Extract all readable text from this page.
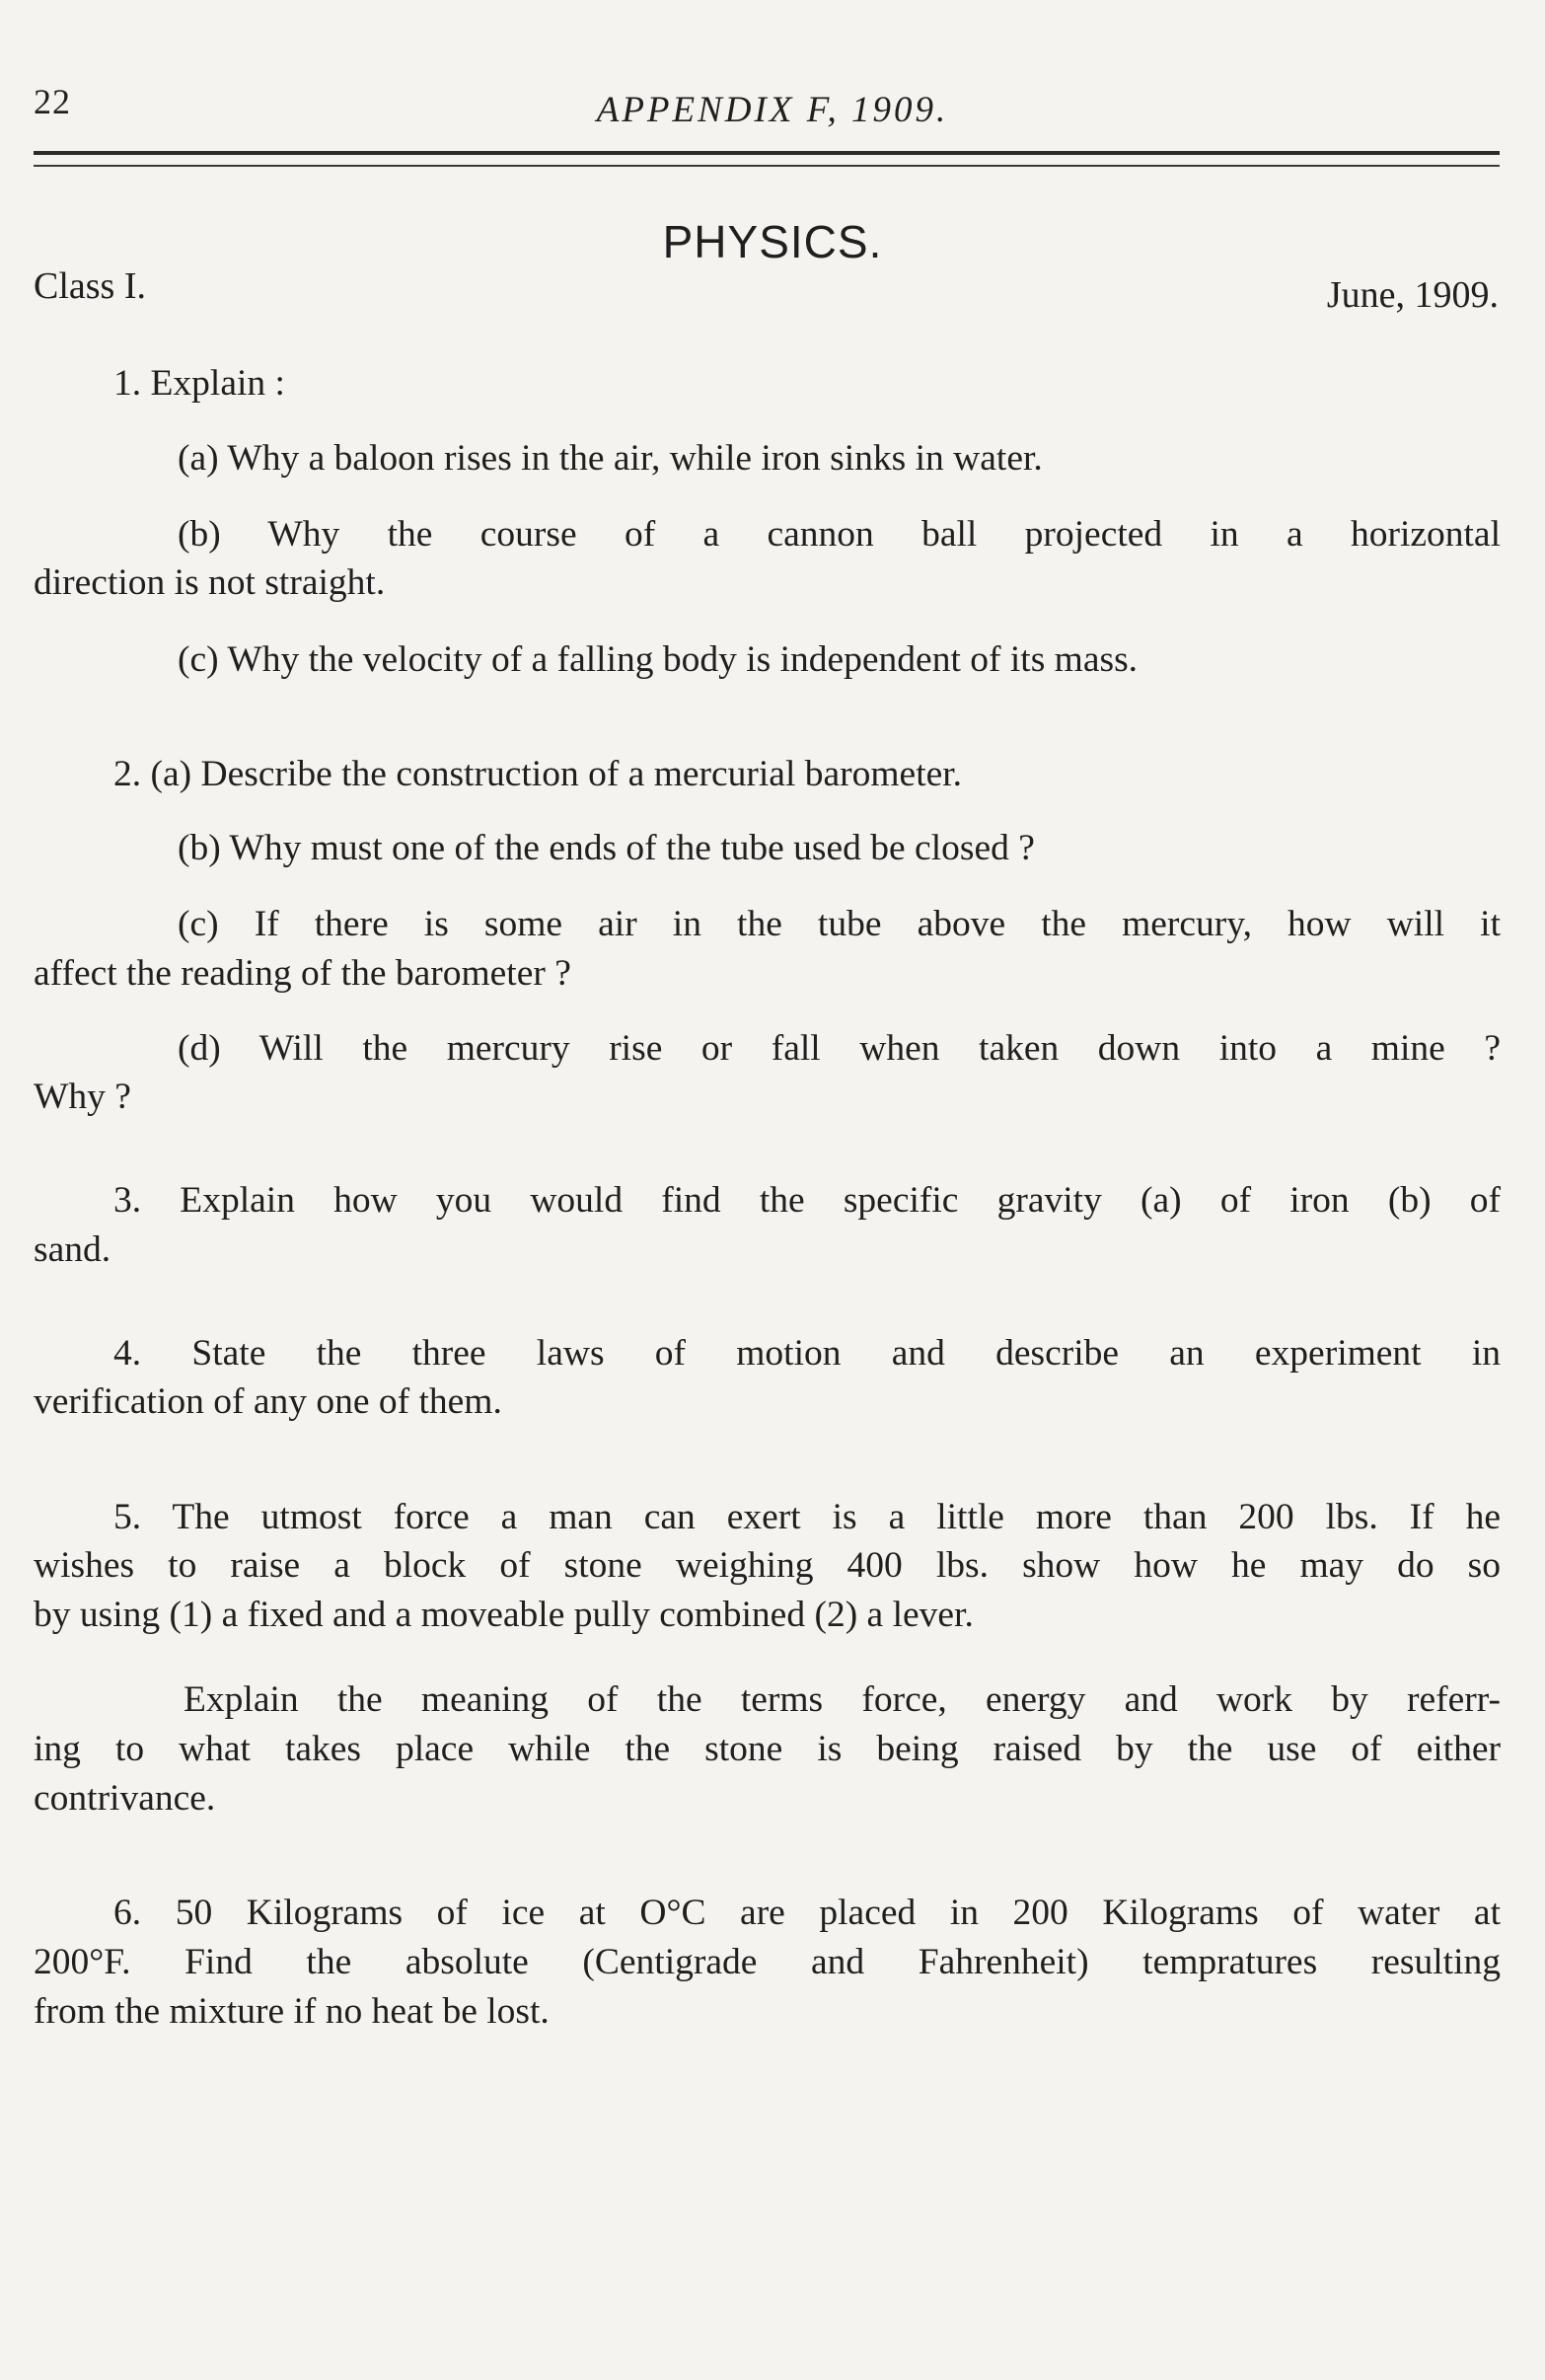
22	APPENDIX F, 1909.
PHYSICS.
Class I.	June, 1909.
1. Explain :
(a) Why a baloon rises in the air, while iron sinks in water.
(b) Why the course of a cannon ball projected in a horizontal
direction is not straight.
(c) Why the velocity of a falling body is independent of its mass.
2. (a) Describe the construction of a mercurial barometer.
(b) Why must one of the ends of the tube used be closed ?
(c) If there is some air in the tube above the mercury, how will it
affect the reading of the barometer ?
(d) Will the mercury rise or fall when taken down into a mine ?
Why ?
3. Explain how you would find the specific gravity (a) of iron (b) of
sand.
4. State the three laws of motion and describe an experiment in
verification of any one of them.
5. The utmost force a man can exert is a little more than 200 lbs. If he
wishes to raise a block of stone weighing 400 lbs. show how he may do so
by using (1) a fixed and a moveable pully combined (2) a lever.
Explain the meaning of the terms force, energy and work by referr-
ing to what takes place while the stone is being raised by the use of either
contrivance.
6. 50 Kilograms of ice at O°C are placed in 200 Kilograms of water at
200°F. Find the absolute (Centigrade and Fahrenheit) tempratures resulting
from the mixture if no heat be lost.
